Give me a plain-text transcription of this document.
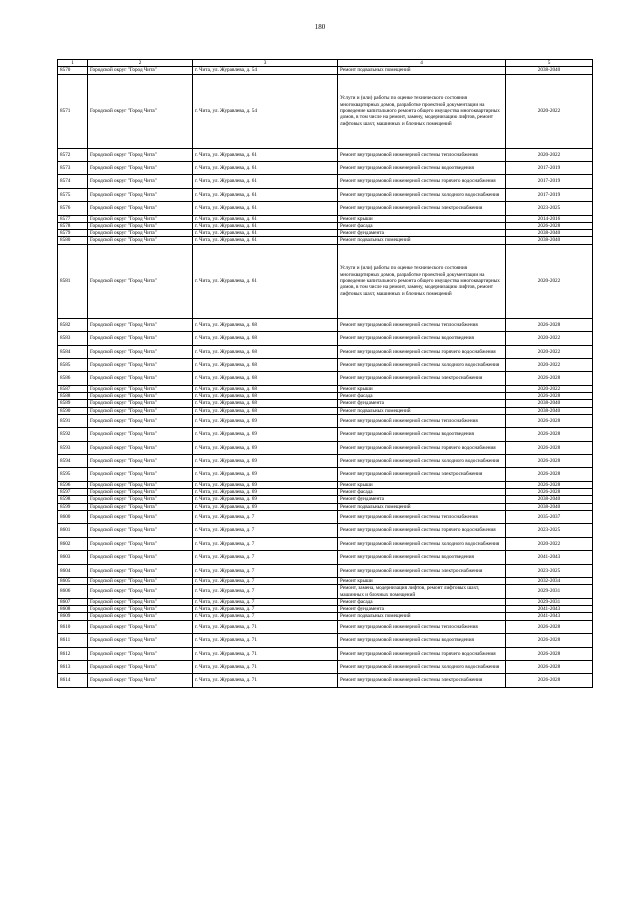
180
1	2	3	4	5
8570	Городской округ "Город Чита"	г. Чита, ул. Журавлева, д. 54	Ремонт подвальных помещений	2038-2040
8571	Городской округ "Город Чита"	г. Чита, ул. Журавлева, д. 54	Услуги и (или) работы по оценке технического состояния многоквартирных домов, разработке проектной документации на проведение капитального ремонта общего имущества многоквартирных домов, в том числе на ремонт, замену, модернизацию лифтов, ремонт лифтовых шахт, машинных и блочных помещений	2020-2022
8572	Городской округ "Город Чита"	г. Чита, ул. Журавлева, д. 61	Ремонт внутридомовой инженерной системы теплоснабжения	2020-2022
8573	Городской округ "Город Чита"	г. Чита, ул. Журавлева, д. 61	Ремонт внутридомовой инженерной системы водоотведения	2017-2019
8574	Городской округ "Город Чита"	г. Чита, ул. Журавлева, д. 61	Ремонт внутридомовой инженерной системы горячего водоснабжения	2017-2019
8575	Городской округ "Город Чита"	г. Чита, ул. Журавлева, д. 61	Ремонт внутридомовой инженерной системы холодного водоснабжения	2017-2019
8576	Городской округ "Город Чита"	г. Чита, ул. Журавлева, д. 61	Ремонт внутридомовой инженерной системы электроснабжения	2023-2025
8577	Городской округ "Город Чита"	г. Чита, ул. Журавлева, д. 61	Ремонт крыши	2014-2016
8578	Городской округ "Город Чита"	г. Чита, ул. Журавлева, д. 61	Ремонт фасада	2026-2028
8579	Городской округ "Город Чита"	г. Чита, ул. Журавлева, д. 61	Ремонт фундамента	2038-2040
8580	Городской округ "Город Чита"	г. Чита, ул. Журавлева, д. 61	Ремонт подвальных помещений	2038-2040
8581	Городской округ "Город Чита"	г. Чита, ул. Журавлева, д. 61	Услуги и (или) работы по оценке технического состояния многоквартирных домов, разработке проектной документации на проведение капитального ремонта общего имущества многоквартирных домов, в том числе на ремонт, замену, модернизацию лифтов, ремонт лифтовых шахт, машинных и блочных помещений	2020-2022
8582	Городской округ "Город Чита"	г. Чита, ул. Журавлева, д. 68	Ремонт внутридомовой инженерной системы теплоснабжения	2026-2028
8583	Городской округ "Город Чита"	г. Чита, ул. Журавлева, д. 68	Ремонт внутридомовой инженерной системы водоотведения	2020-2022
8584	Городской округ "Город Чита"	г. Чита, ул. Журавлева, д. 68	Ремонт внутридомовой инженерной системы горячего водоснабжения	2020-2022
8585	Городской округ "Город Чита"	г. Чита, ул. Журавлева, д. 68	Ремонт внутридомовой инженерной системы холодного водоснабжения	2020-2022
8586	Городской округ "Город Чита"	г. Чита, ул. Журавлева, д. 68	Ремонт внутридомовой инженерной системы электроснабжения	2026-2028
8587	Городской округ "Город Чита"	г. Чита, ул. Журавлева, д. 68	Ремонт крыши	2020-2022
8588	Городской округ "Город Чита"	г. Чита, ул. Журавлева, д. 68	Ремонт фасада	2026-2028
8589	Городской округ "Город Чита"	г. Чита, ул. Журавлева, д. 68	Ремонт фундамента	2038-2040
8590	Городской округ "Город Чита"	г. Чита, ул. Журавлева, д. 68	Ремонт подвальных помещений	2038-2040
8591	Городской округ "Город Чита"	г. Чита, ул. Журавлева, д. 69	Ремонт внутридомовой инженерной системы теплоснабжения	2026-2028
8592	Городской округ "Город Чита"	г. Чита, ул. Журавлева, д. 69	Ремонт внутридомовой инженерной системы водоотведения	2026-2028
8593	Городской округ "Город Чита"	г. Чита, ул. Журавлева, д. 69	Ремонт внутридомовой инженерной системы горячего водоснабжения	2026-2028
8594	Городской округ "Город Чита"	г. Чита, ул. Журавлева, д. 69	Ремонт внутридомовой инженерной системы холодного водоснабжения	2026-2028
8595	Городской округ "Город Чита"	г. Чита, ул. Журавлева, д. 69	Ремонт внутридомовой инженерной системы электроснабжения	2026-2028
8596	Городской округ "Город Чита"	г. Чита, ул. Журавлева, д. 69	Ремонт крыши	2026-2028
8597	Городской округ "Город Чита"	г. Чита, ул. Журавлева, д. 69	Ремонт фасада	2026-2028
8598	Городской округ "Город Чита"	г. Чита, ул. Журавлева, д. 69	Ремонт фундамента	2038-2040
8599	Городской округ "Город Чита"	г. Чита, ул. Журавлева, д. 69	Ремонт подвальных помещений	2038-2040
8600	Городской округ "Город Чита"	г. Чита, ул. Журавлева, д. 7	Ремонт внутридомовой инженерной системы теплоснабжения	2035-2037
8601	Городской округ "Город Чита"	г. Чита, ул. Журавлева, д. 7	Ремонт внутридомовой инженерной системы горячего водоснабжения	2023-2025
8602	Городской округ "Город Чита"	г. Чита, ул. Журавлева, д. 7	Ремонт внутридомовой инженерной системы холодного водоснабжения	2020-2022
8603	Городской округ "Город Чита"	г. Чита, ул. Журавлева, д. 7	Ремонт внутридомовой инженерной системы водоотведения	2041-2043
8604	Городской округ "Город Чита"	г. Чита, ул. Журавлева, д. 7	Ремонт внутридомовой инженерной системы электроснабжения	2023-2025
8605	Городской округ "Город Чита"	г. Чита, ул. Журавлева, д. 7	Ремонт крыши	2032-2034
8606	Городской округ "Город Чита"	г. Чита, ул. Журавлева, д. 7	Ремонт, замена, модернизация лифтов, ремонт лифтовых шахт, машинных и блочных помещений	2029-2031
8607	Городской округ "Город Чита"	г. Чита, ул. Журавлева, д. 7	Ремонт фасада	2029-2031
8608	Городской округ "Город Чита"	г. Чита, ул. Журавлева, д. 7	Ремонт фундамента	2041-2043
8609	Городской округ "Город Чита"	г. Чита, ул. Журавлева, д. 7	Ремонт подвальных помещений	2041-2043
8610	Городской округ "Город Чита"	г. Чита, ул. Журавлева, д. 71	Ремонт внутридомовой инженерной системы теплоснабжения	2026-2028
8611	Городской округ "Город Чита"	г. Чита, ул. Журавлева, д. 71	Ремонт внутридомовой инженерной системы водоотведения	2026-2028
8612	Городской округ "Город Чита"	г. Чита, ул. Журавлева, д. 71	Ремонт внутридомовой инженерной системы горячего водоснабжения	2026-2028
8613	Городской округ "Город Чита"	г. Чита, ул. Журавлева, д. 71	Ремонт внутридомовой инженерной системы холодного водоснабжения	2026-2028
8614	Городской округ "Город Чита"	г. Чита, ул. Журавлева, д. 71	Ремонт внутридомовой инженерной системы электроснабжения	2026-2028
